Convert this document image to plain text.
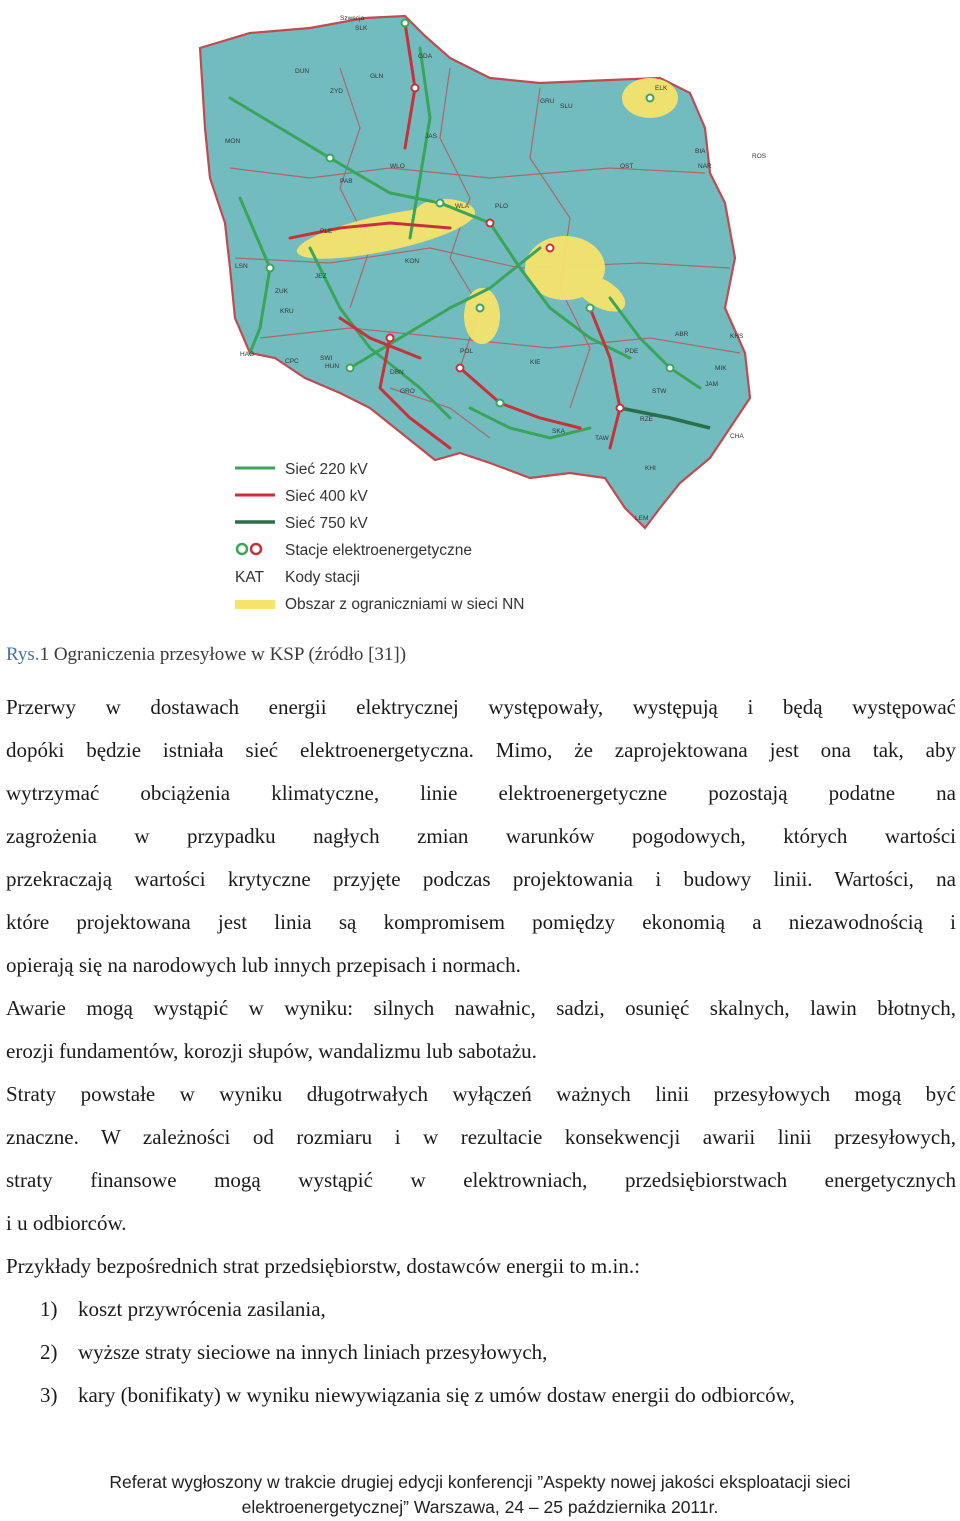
Szwecja
SLK
GDA
DUN
ZYD
GLN
JAS
PLO
GRU
WLA
SLU
ELK
BIA
NAR
ROS
OST
MON
PLE
KON
PAB
WLO
LSN
JEZ
ZUK
KRU
HAG
CPC
MIK
SWI
HUN
DBN
GRO
POL	PDE
RZE
CHA
KHI
LEM
STW
JAM
KHS
ABR
TAW
KIE
SKA
Sieć 220 kV
Sieć 400 kV
Sieć 750 kV
Stacje elektroenergetyczne
KAT Kody stacji
Obszar z ograniczniami w sieci NN
Rys.1 Ograniczenia przesyłowe w KSP (źródło [31])

Przerwy w dostawach energii elektrycznej występowały, występują i będą występować
dopóki będzie istniała sieć elektroenergetyczna. Mimo, że zaprojektowana jest ona tak, aby
wytrzymać obciążenia klimatyczne, linie elektroenergetyczne pozostają podatne na
zagrożenia w przypadku nagłych zmian warunków pogodowych, których wartości
przekraczają wartości krytyczne przyjęte podczas projektowania i budowy linii. Wartości, na
które projektowana jest linia są kompromisem pomiędzy ekonomią a niezawodnością i
opierają się na narodowych lub innych przepisach i normach.

Awarie mogą wystąpić w wyniku: silnych nawałnic, sadzi, osunięć skalnych, lawin błotnych,
erozji fundamentów, korozji słupów, wandalizmu lub sabotażu.

Straty powstałe w wyniku długotrwałych wyłączeń ważnych linii przesyłowych mogą być
znaczne. W zależności od rozmiaru i w rezultacie konsekwencji awarii linii przesyłowych,
straty finansowe mogą wystąpić w elektrowniach, przedsiębiorstwach energetycznych
i u odbiorców.

Przykłady bezpośrednich strat przedsiębiorstw, dostawców energii to m.in.:

1) koszt przywrócenia zasilania,
2) wyższe straty sieciowe na innych liniach przesyłowych,
3) kary (bonifikaty) w wyniku niewywiązania się z umów dostaw energii do odbiorców,
Referat wygłoszony w trakcie drugiej edycji konferencji ”Aspekty nowej jakości eksploatacji sieci
elektroenergetycznej” Warszawa, 24 – 25 października 2011r.
